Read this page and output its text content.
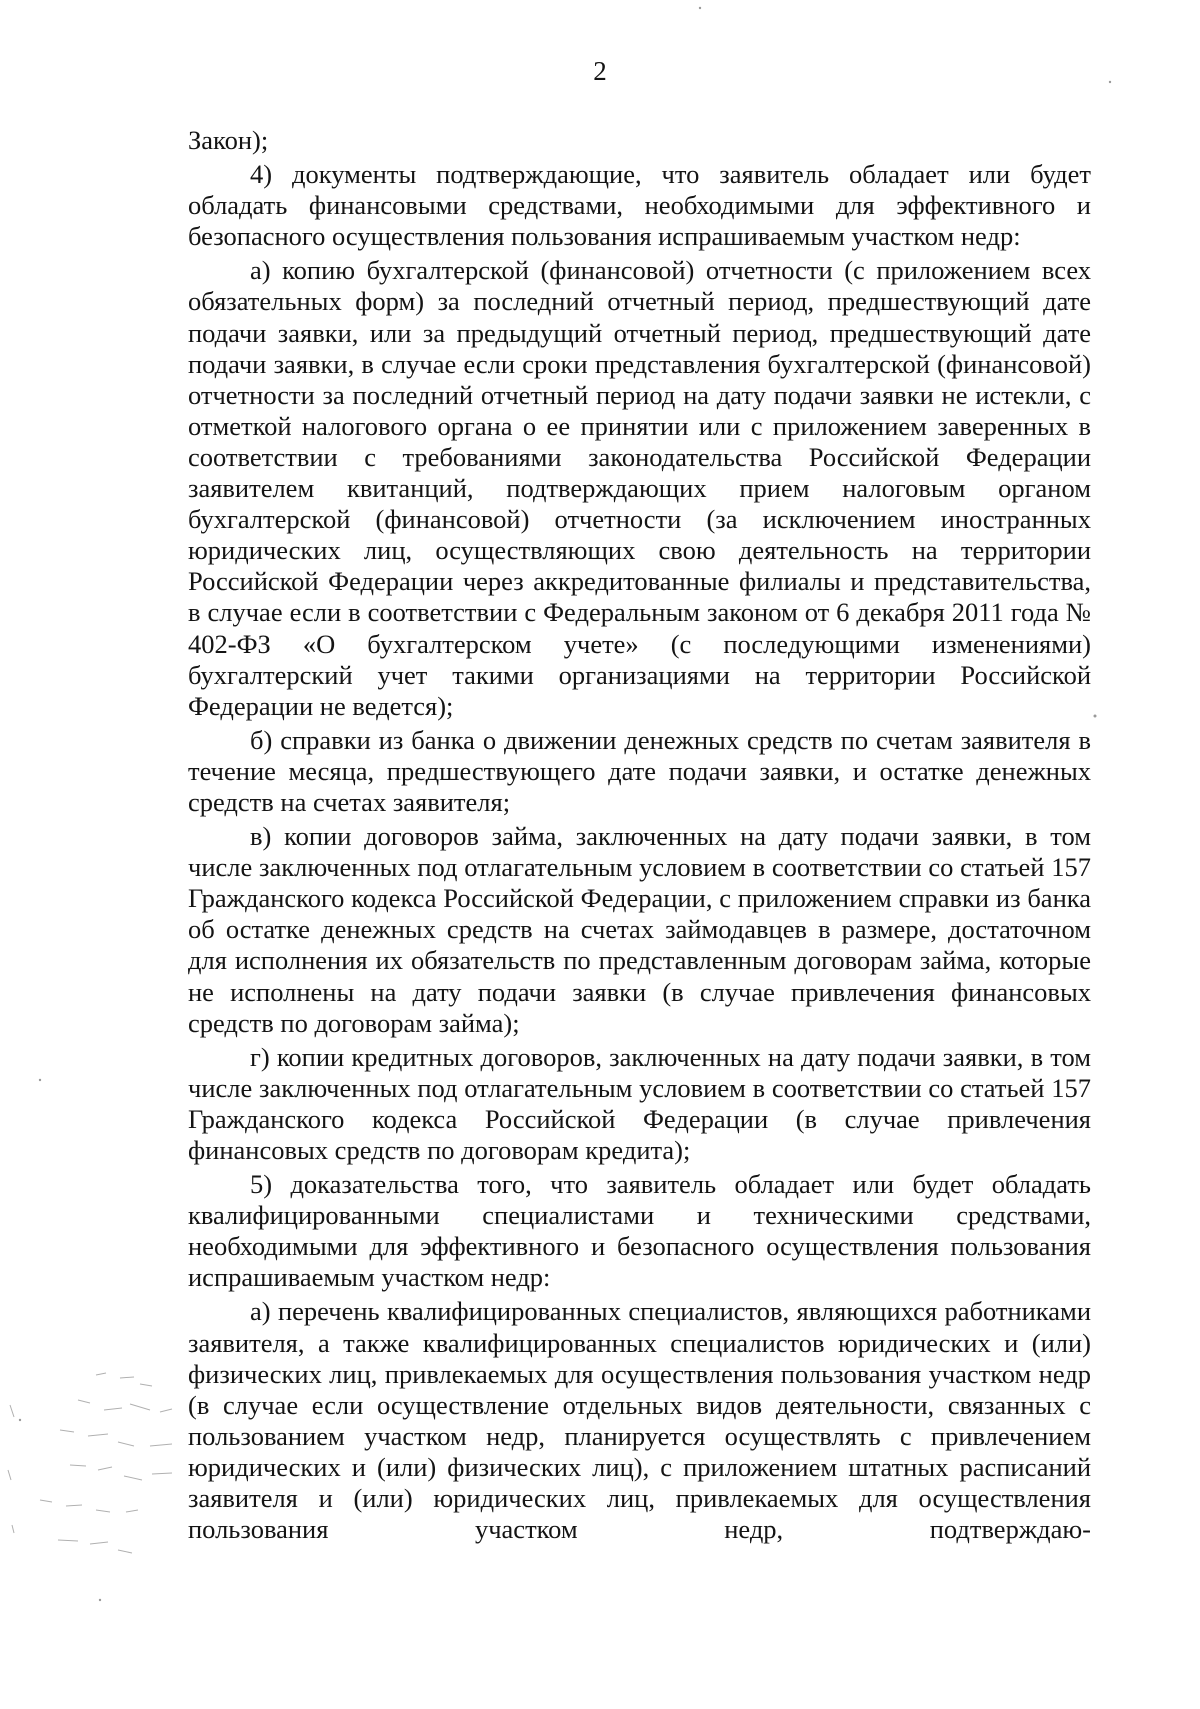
2

Закон);

4) документы подтверждающие, что заявитель обладает или будет обладать финансовыми средствами, необходимыми для эффективного и безопасного осуществления пользования испрашиваемым участком недр:

а) копию бухгалтерской (финансовой) отчетности (с приложением всех обязательных форм) за последний отчетный период, предшествующий дате подачи заявки, или за предыдущий отчетный период, предшествующий дате подачи заявки, в случае если сроки представления бухгалтерской (финансовой) отчетности за последний отчетный период на дату подачи заявки не истекли, с отметкой налогового органа о ее принятии или с приложением заверенных в соответствии с требованиями законодательства Российской Федерации заявителем квитанций, подтверждающих прием налоговым органом бухгалтерской (финансовой) отчетности (за исключением иностранных юридических лиц, осуществляющих свою деятельность на территории Российской Федерации через аккредитованные филиалы и представительства, в случае если в соответствии с Федеральным законом от 6 декабря 2011 года № 402-ФЗ «О бухгалтерском учете» (с последующими изменениями) бухгалтерский учет такими организациями на территории Российской Федерации не ведется);

б) справки из банка о движении денежных средств по счетам заявителя в течение месяца, предшествующего дате подачи заявки, и остатке денежных средств на счетах заявителя;

в) копии договоров займа, заключенных на дату подачи заявки, в том числе заключенных под отлагательным условием в соответствии со статьей 157 Гражданского кодекса Российской Федерации, с приложением справки из банка об остатке денежных средств на счетах займодавцев в размере, достаточном для исполнения их обязательств по представленным договорам займа, которые не исполнены на дату подачи заявки (в случае привлечения финансовых средств по договорам займа);

г) копии кредитных договоров, заключенных на дату подачи заявки, в том числе заключенных под отлагательным условием в соответствии со статьей 157 Гражданского кодекса Российской Федерации (в случае привлечения финансовых средств по договорам кредита);

5) доказательства того, что заявитель обладает или будет обладать квалифицированными специалистами и техническими средствами, необходимыми для эффективного и безопасного осуществления пользования испрашиваемым участком недр:

а) перечень квалифицированных специалистов, являющихся работниками заявителя, а также квалифицированных специалистов юридических и (или) физических лиц, привлекаемых для осуществления пользования участком недр (в случае если осуществление отдельных видов деятельности, связанных с пользованием участком недр, планируется осуществлять с привлечением юридических и (или) физических лиц), с приложением штатных расписаний заявителя и (или) юридических лиц, привлекаемых для осуществления пользования участком недр, подтверждаю-
